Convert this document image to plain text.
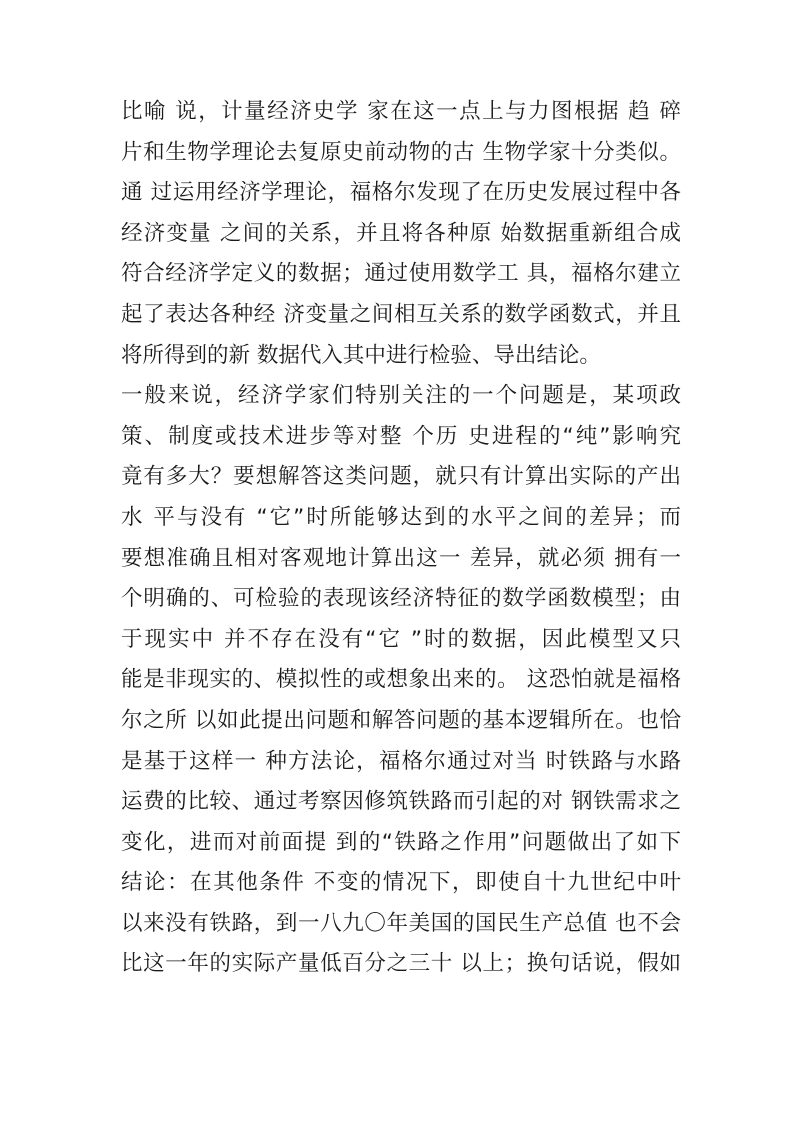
比喻 说，计量经济史学 家在这一点上与力图根据 趋 碎
片和生物学理论去复原史前动物的古 生物学家十分类似。
通 过运用经济学理论，福格尔发现了在历史发展过程中各
经济变量 之间的关系，并且将各种原 始数据重新组合成
符合经济学定义的数据；通过使用数学工 具，福格尔建立
起了表达各种经 济变量之间相互关系的数学函数式，并且
将所得到的新 数据代入其中进行检验、导出结论。
一般来说，经济学家们特别关注的一个问题是，某项政
策、制度或技术进步等对整 个历 史进程的“纯”影响究
竟有多大？要想解答这类问题，就只有计算出实际的产出
水 平与没有 “它”时所能够达到的水平之间的差异；而
要想准确且相对客观地计算出这一 差异，就必须 拥有一
个明确的、可检验的表现该经济特征的数学函数模型；由
于现实中 并不存在没有“它 ”时的数据，因此模型又只
能是非现实的、模拟性的或想象出来的。 这恐怕就是福格
尔之所 以如此提出问题和解答问题的基本逻辑所在。也恰
是基于这样一 种方法论，福格尔通过对当 时铁路与水路
运费的比较、通过考察因修筑铁路而引起的对 钢铁需求之
变化，进而对前面提 到的“铁路之作用”问题做出了如下
结论：在其他条件 不变的情况下，即使自十九世纪中叶
以来没有铁路，到一八九〇年美国的国民生产总值 也不会
比这一年的实际产量低百分之三十 以上；换句话说，假如
